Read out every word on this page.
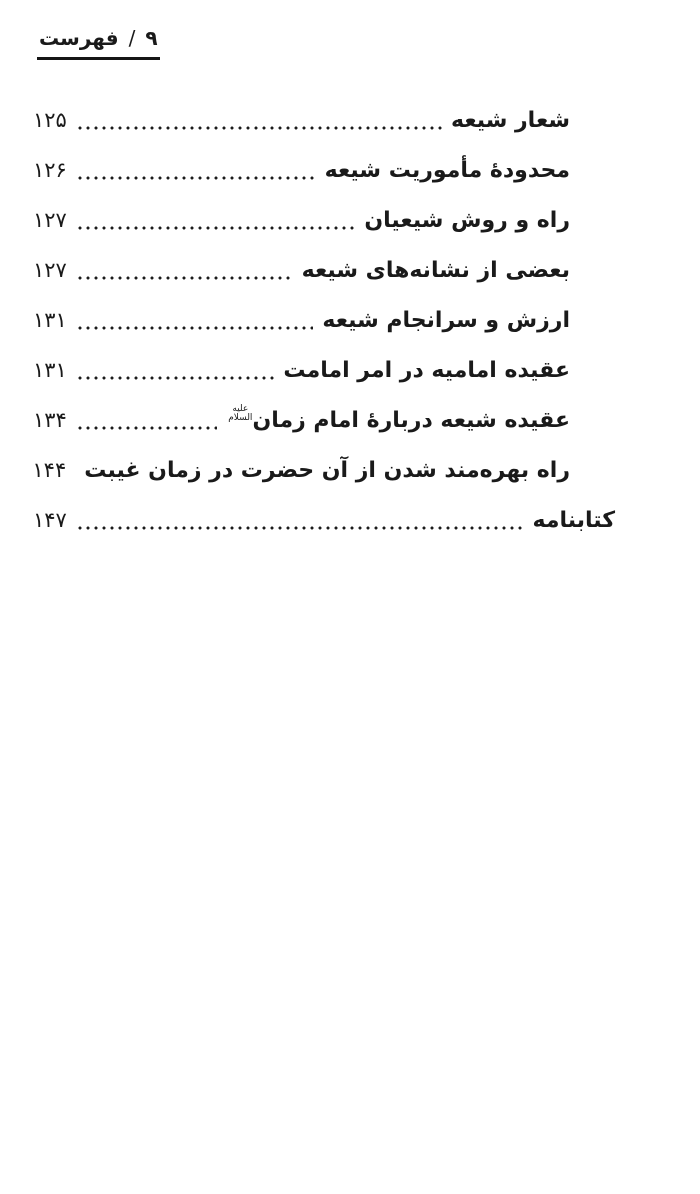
فهرست / ۹
شعار شیعه
۱۲۵
محدودۀ مأموریت شیعه
۱۲۶
راه و روش شیعیان
۱۲۷
بعضی از نشانه‌های شیعه
۱۲۷
ارزش و سرانجام شیعه
۱۳۱
عقیده امامیه در امر امامت
۱۳۱
عقیده شیعه دربارۀ امام زمان
علیه
السلام
۱۳۴
راه بهره‌مند شدن از آن حضرت در زمان غیبت
۱۴۴
کتابنامه
۱۴۷
